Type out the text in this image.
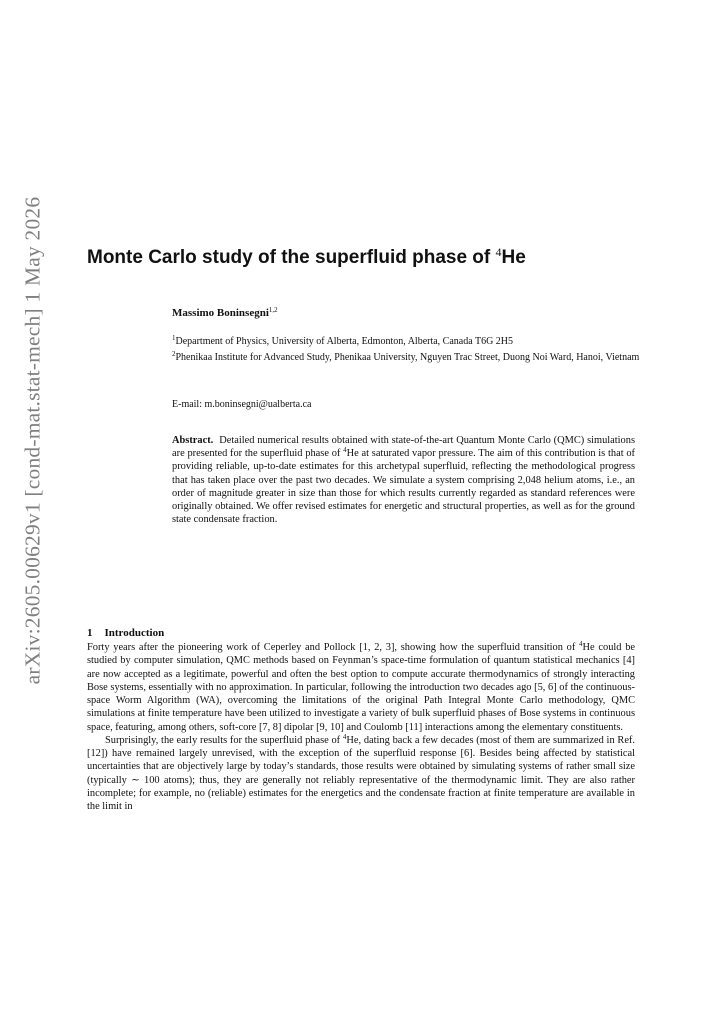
arXiv:2605.00629v1 [cond-mat.stat-mech] 1 May 2026 Monte Carlo study of the superfluid phase of $^4$He
Massimo Boninsegni$^{1,2}$
$^1$Department of Physics, University of Alberta, Edmonton, Alberta, Canada T6G 2H5
$^2$Phenikaa Institute for Advanced Study, Phenikaa University, Nguyen Trac Street, Duong Noi Ward, Hanoi, Vietnam
E-mail: m.boninsegni@ualberta.ca
Abstract. Detailed numerical results obtained with state-of-the-art Quantum Monte Carlo (QMC) simulations are presented for the superfluid phase of $^4$He at saturated vapor pressure. The aim of this contribution is that of providing reliable, up-to-date estimates for this archetypal superfluid, reflecting the methodological progress that has taken place over the past two decades. We simulate a system comprising 2,048 helium atoms, i.e., an order of magnitude greater in size than those for which results currently regarded as standard references were originally obtained. We offer revised estimates for energetic and structural properties, as well as for the ground state condensate fraction.
1 Introduction

Forty years after the pioneering work of Ceperley and Pollock [1, 2, 3], showing how the superfluid transition of $^4$He could be studied by computer simulation, QMC methods based on Feynman’s space-time formulation of quantum statistical mechanics [4] are now accepted as a legitimate, powerful and often the best option to compute accurate thermodynamics of strongly interacting Bose systems, essentially with no approximation. In particular, following the introduction two decades ago [5, 6] of the continuous-space Worm Algorithm (WA), overcoming the limitations of the original Path Integral Monte Carlo methodology, QMC simulations at finite temperature have been utilized to investigate a variety of bulk superfluid phases of Bose systems in continuous space, featuring, among others, soft-core [7, 8] dipolar [9, 10] and Coulomb [11] interactions among the elementary constituents.

Surprisingly, the early results for the superfluid phase of $^4$He, dating back a few decades (most of them are summarized in Ref. [12]) have remained largely unrevised, with the exception of the superfluid response [6]. Besides being affected by statistical uncertainties that are objectively large by today’s standards, those results were obtained by simulating systems of rather small size (typically ∼ 100 atoms); thus, they are generally not reliably representative of the thermodynamic limit. They are also rather incomplete; for example, no (reliable) estimates for the energetics and the condensate fraction at finite temperature are available in the limit in
